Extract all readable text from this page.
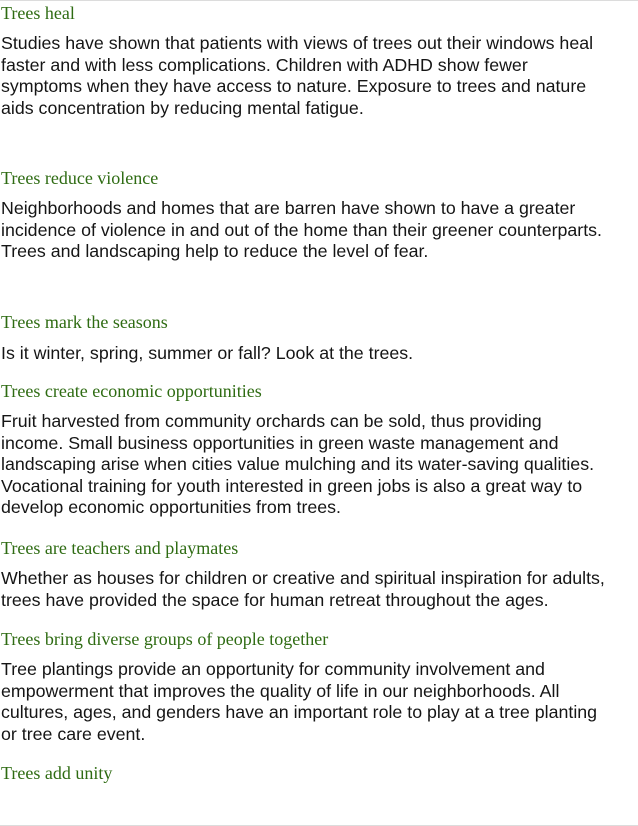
Trees heal

Studies have shown that patients with views of trees out their windows heal
faster and with less complications. Children with ADHD show fewer
symptoms when they have access to nature. Exposure to trees and nature
aids concentration by reducing mental fatigue.

Trees reduce violence

Neighborhoods and homes that are barren have shown to have a greater
incidence of violence in and out of the home than their greener counterparts.
Trees and landscaping help to reduce the level of fear.

Trees mark the seasons

Is it winter, spring, summer or fall? Look at the trees.

Trees create economic opportunities

Fruit harvested from community orchards can be sold, thus providing
income. Small business opportunities in green waste management and
landscaping arise when cities value mulching and its water-saving qualities.
Vocational training for youth interested in green jobs is also a great way to
develop economic opportunities from trees.

Trees are teachers and playmates

Whether as houses for children or creative and spiritual inspiration for adults,
trees have provided the space for human retreat throughout the ages.

Trees bring diverse groups of people together

Tree plantings provide an opportunity for community involvement and
empowerment that improves the quality of life in our neighborhoods. All
cultures, ages, and genders have an important role to play at a tree planting
or tree care event.

Trees add unity
